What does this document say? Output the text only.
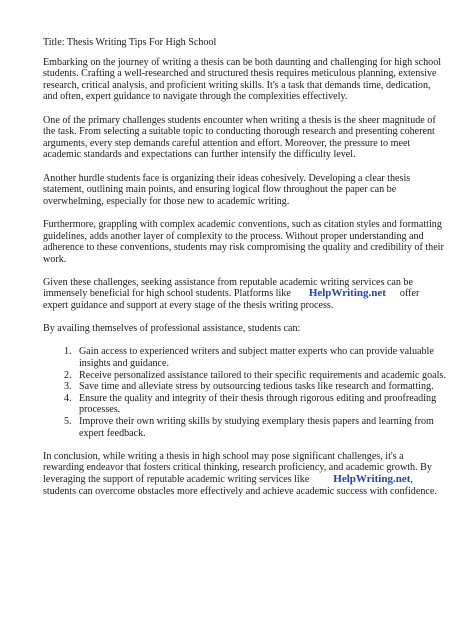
Title: Thesis Writing Tips For High School

Embarking on the journey of writing a thesis can be both daunting and challenging for high school students. Crafting a well-researched and structured thesis requires meticulous planning, extensive research, critical analysis, and proficient writing skills. It's a task that demands time, dedication, and often, expert guidance to navigate through the complexities effectively.

One of the primary challenges students encounter when writing a thesis is the sheer magnitude of the task. From selecting a suitable topic to conducting thorough research and presenting coherent arguments, every step demands careful attention and effort. Moreover, the pressure to meet academic standards and expectations can further intensify the difficulty level.

Another hurdle students face is organizing their ideas cohesively. Developing a clear thesis statement, outlining main points, and ensuring logical flow throughout the paper can be overwhelming, especially for those new to academic writing.

Furthermore, grappling with complex academic conventions, such as citation styles and formatting guidelines, adds another layer of complexity to the process. Without proper understanding and adherence to these conventions, students may risk compromising the quality and credibility of their work.

Given these challenges, seeking assistance from reputable academic writing services can be immensely beneficial for high school students. Platforms like HelpWriting.net offer expert guidance and support at every stage of the thesis writing process.

By availing themselves of professional assistance, students can:

1. Gain access to experienced writers and subject matter experts who can provide valuable insights and guidance.
2. Receive personalized assistance tailored to their specific requirements and academic goals.
3. Save time and alleviate stress by outsourcing tedious tasks like research and formatting.
4. Ensure the quality and integrity of their thesis through rigorous editing and proofreading processes.
5. Improve their own writing skills by studying exemplary thesis papers and learning from expert feedback.

In conclusion, while writing a thesis in high school may pose significant challenges, it's a rewarding endeavor that fosters critical thinking, research proficiency, and academic growth. By leveraging the support of reputable academic writing services like HelpWriting.net, students can overcome obstacles more effectively and achieve academic success with confidence.
